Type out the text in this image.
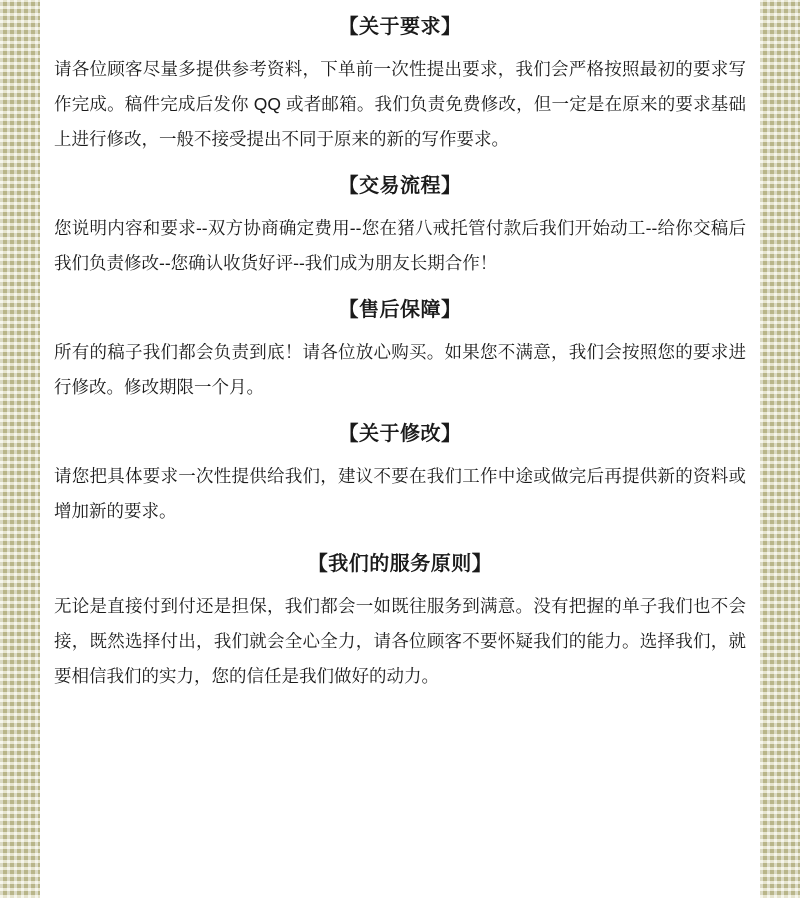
【关于要求】

请各位顾客尽量多提供参考资料，下单前一次性提出要求，我们会严格按照最初的要求写作完成。稿件完成后发你 QQ 或者邮箱。我们负责免费修改，但一定是在原来的要求基础上进行修改，一般不接受提出不同于原来的新的写作要求。

【交易流程】

您说明内容和要求--双方协商确定费用--您在猪八戒托管付款后我们开始动工--给你交稿后我们负责修改--您确认收货好评--我们成为朋友长期合作！

【售后保障】

所有的稿子我们都会负责到底！请各位放心购买。如果您不满意，我们会按照您的要求进行修改。修改期限一个月。

【关于修改】

请您把具体要求一次性提供给我们，建议不要在我们工作中途或做完后再提供新的资料或增加新的要求。

【我们的服务原则】

无论是直接付到付还是担保，我们都会一如既往服务到满意。没有把握的单子我们也不会接，既然选择付出，我们就会全心全力，请各位顾客不要怀疑我们的能力。选择我们，就要相信我们的实力，您的信任是我们做好的动力。
